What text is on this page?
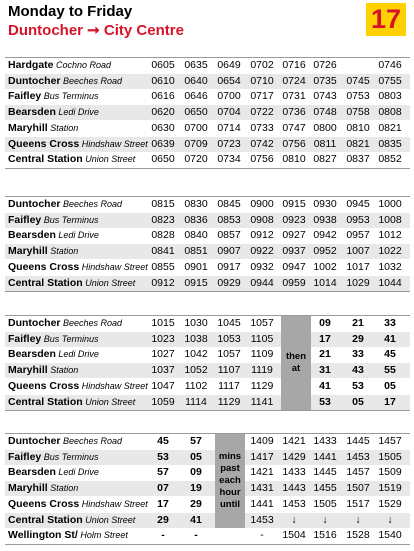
Monday to Friday
Duntocher ➞ City Centre	17
Hardgate Cochno Road	0605 0635 0649 0702 0716 0726	0746
Duntocher Beeches Road	0610 0640 0654 0710 0724 0735 0745 0755
Faifley Bus Terminus	0616 0646 0700 0717 0731 0743 0753 0803
Bearsden Ledi Drive	0620 0650 0704 0722 0736 0748 0758 0808
Maryhill Station	0630 0700 0714 0733 0747 0800 0810 0821
Queens Cross Hindshaw Street 0639 0709 0723 0742 0756 0811 0821 0835
Central Station Union Street	0650 0720 0734 0756 0810 0827 0837 0852
Duntocher Beeches Road	0815 0830 0845 0900 0915 0930 0945 1000
Faifley Bus Terminus	0823 0836 0853 0908 0923 0938 0953 1008
Bearsden Ledi Drive	0828 0840 0857 0912 0927 0942 0957 1012
Maryhill Station	0841 0851 0907 0922 0937 0952 1007 1022
Queens Cross Hindshaw Street 0855 0901 0917 0932 0947 1002 1017 1032
Central Station Union Street	0912 0915 0929 0944 0959 1014 1029 1044
Duntocher Beeches Road	1015 1030 1045 1057	09	21	33
Faifley Bus Terminus	1023 1038 1053 1105	17	29	41
Bearsden Ledi Drive	1027 1042 1057 1109	21	33	45
Maryhill Station	1037 1052 1107	1119	31	43	55
Queens Cross Hindshaw Street 1047 1102	1117	1129	41	53	05
Central Station Union Street	1059 1114	1129 1141	53	05	17
then at
Duntocher Beeches Road	45	57	1409 1421 1433 1445 1457
Faifley Bus Terminus	53	05	1417 1429 1441 1453 1505
Bearsden Ledi Drive	57	09	1421 1433 1445 1457 1509
Maryhill Station	07	19	1431 1443 1455 1507 1519
Queens Cross Hindshaw Street 17	29	1441 1453 1505 1517 1529
Central Station Union Street	29	41	1453	↓	↓	↓	↓
Wellington St/ Holm Street	-	-	-	1504 1516 1528 1540
mins past each hour until
